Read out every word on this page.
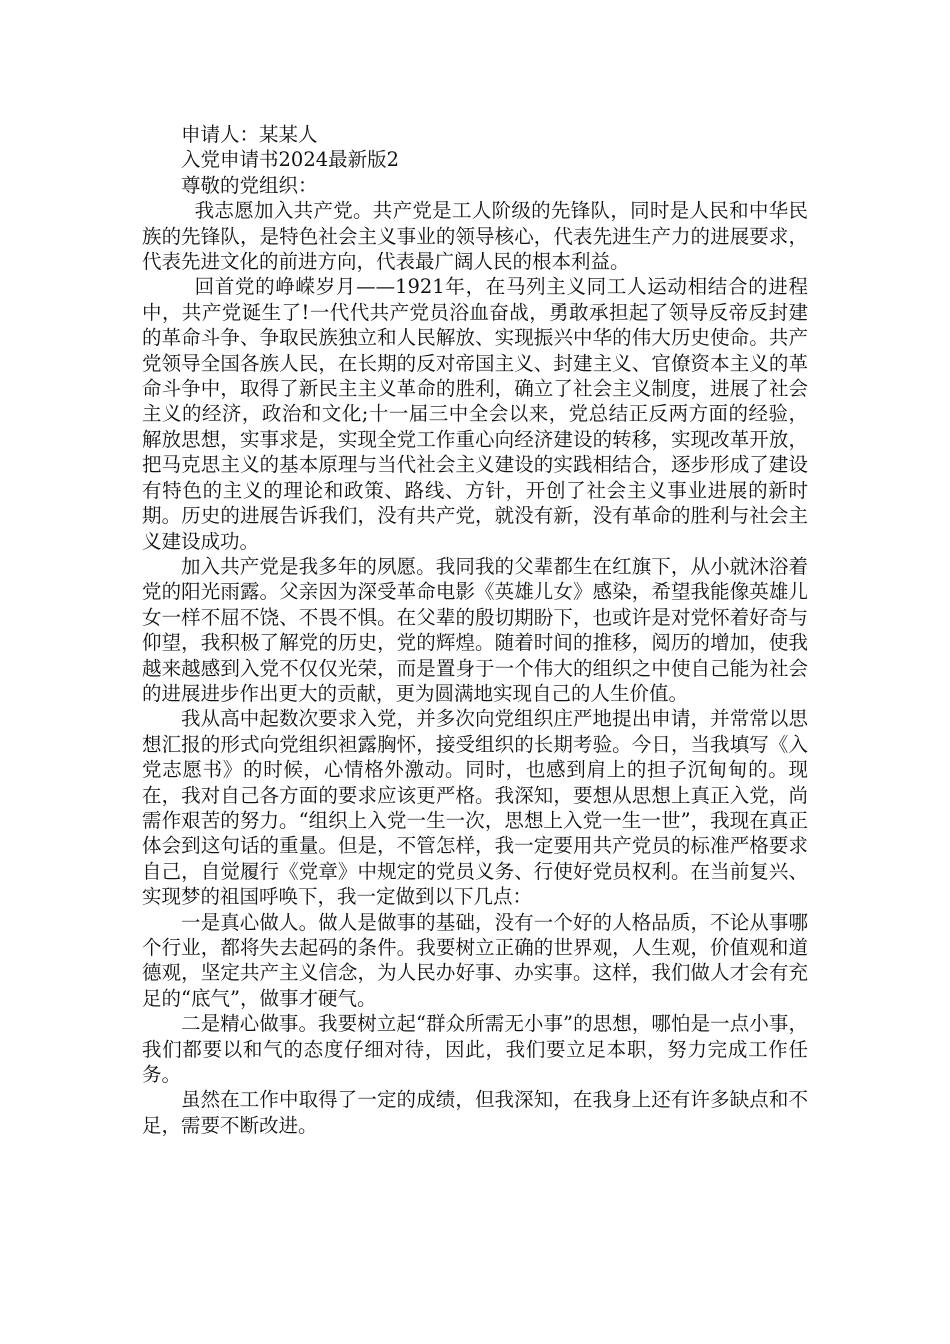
申请人：某某人

入党申请书2024最新版2

尊敬的党组织：

我志愿加入共产党。共产党是工人阶级的先锋队，同时是人民和中华民族的先锋队，是特色社会主义事业的领导核心，代表先进生产力的进展要求，代表先进文化的前进方向，代表最广阔人民的根本利益。

回首党的峥嵘岁月——1921年，在马列主义同工人运动相结合的进程中，共产党诞生了!一代代共产党员浴血奋战，勇敢承担起了领导反帝反封建的革命斗争、争取民族独立和人民解放、实现振兴中华的伟大历史使命。共产党领导全国各族人民，在长期的反对帝国主义、封建主义、官僚资本主义的革命斗争中，取得了新民主主义革命的胜利，确立了社会主义制度，进展了社会主义的经济，政治和文化;十一届三中全会以来，党总结正反两方面的经验，解放思想，实事求是，实现全党工作重心向经济建设的转移，实现改革开放，把马克思主义的基本原理与当代社会主义建设的实践相结合，逐步形成了建设有特色的主义的理论和政策、路线、方针，开创了社会主义事业进展的新时期。历史的进展告诉我们，没有共产党，就没有新，没有革命的胜利与社会主义建设成功。

加入共产党是我多年的夙愿。我同我的父辈都生在红旗下，从小就沐浴着党的阳光雨露。父亲因为深受革命电影《英雄儿女》感染，希望我能像英雄儿女一样不屈不饶、不畏不惧。在父辈的殷切期盼下，也或许是对党怀着好奇与仰望，我积极了解党的历史，党的辉煌。随着时间的推移，阅历的增加，使我越来越感到入党不仅仅光荣，而是置身于一个伟大的组织之中使自己能为社会的进展进步作出更大的贡献，更为圆满地实现自己的人生价值。

我从高中起数次要求入党，并多次向党组织庄严地提出申请，并常常以思想汇报的形式向党组织袒露胸怀，接受组织的长期考验。今日，当我填写《入党志愿书》的时候，心情格外激动。同时，也感到肩上的担子沉甸甸的。现在，我对自己各方面的要求应该更严格。我深知，要想从思想上真正入党，尚需作艰苦的努力。“组织上入党一生一次，思想上入党一生一世”，我现在真正体会到这句话的重量。但是，不管怎样，我一定要用共产党员的标准严格要求自己，自觉履行《党章》中规定的党员义务、行使好党员权利。在当前复兴、实现梦的祖国呼唤下，我一定做到以下几点：

一是真心做人。做人是做事的基础，没有一个好的人格品质，不论从事哪个行业，都将失去起码的条件。我要树立正确的世界观，人生观，价值观和道德观，坚定共产主义信念，为人民办好事、办实事。这样，我们做人才会有充足的“底气”，做事才硬气。

二是精心做事。我要树立起“群众所需无小事”的思想，哪怕是一点小事，我们都要以和气的态度仔细对待，因此，我们要立足本职，努力完成工作任务。

虽然在工作中取得了一定的成绩，但我深知，在我身上还有许多缺点和不足，需要不断改进。
